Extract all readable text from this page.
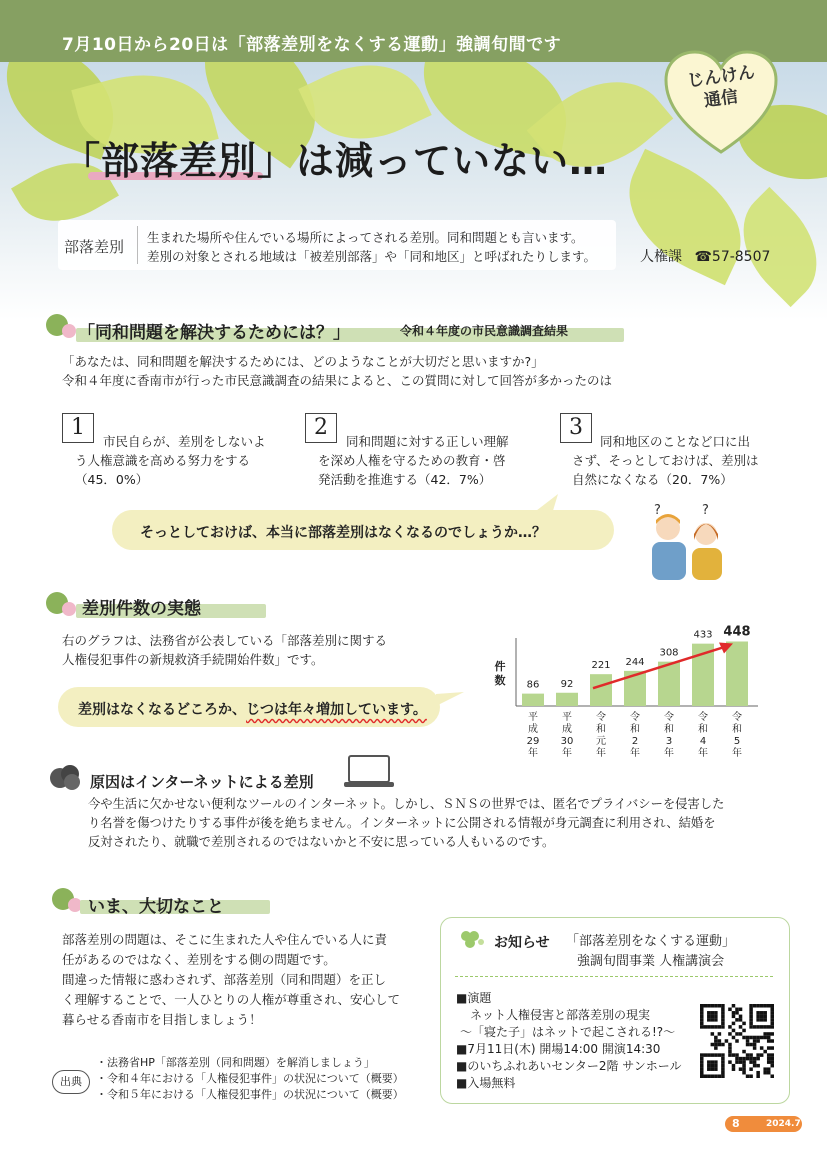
7月10日から20日は「部落差別をなくする運動」強調旬間です
じんけん
通信
「部落差別」は減っていない…
部落差別
生まれた場所や住んでいる場所によってされる差別。同和問題とも言います。
差別の対象とされる地域は「被差別部落」や「同和地区」と呼ばれたりします。	人権課 ☎57-8507
「同和問題を解決するためには？」	令和４年度の市民意識調査結果
「あなたは、同和問題を解決するためには、どのようなことが大切だと思いますか?」
令和４年度に香南市が行った市民意識調査の結果によると、この質問に対して回答が多かったのは
1
市民自らが、差別をしないよ
う人権意識を高める努力をする
（45．0%）
2
同和問題に対する正しい理解
を深め人権を守るための教育・啓
発活動を推進する（42．7%）
3
同和地区のことなど口に出
さず、そっとしておけば、差別は
自然になくなる（20．7%）
そっとしておけば、本当に部落差別はなくなるのでしょうか…？
?	?
差別件数の実態
右のグラフは、法務省が公表している「部落差別に関する
人権侵犯事件の新規救済手続開始件数」です。
差別はなくなるどころか、じつは年々増加しています。
件数 86
平
成
29
年
92
平
成
30
年
221
令
和
元
年
244
令
和
2
年
308
令
和
3
年
433
令
和
4
年
448
令
和
5
年
原因はインターネットによる差別
今や生活に欠かせない便利なツールのインターネット。しかし、ＳＮＳの世界では、匿名でプライバシーを侵害した
り名誉を傷つけたりする事件が後を絶ちません。インターネットに公開される情報が身元調査に利用され、結婚を
反対されたり、就職で差別されるのではないかと不安に思っている人もいるのです。
いま、大切なこと
部落差別の問題は、そこに生まれた人や住んでいる人に責
任があるのではなく、差別をする側の問題です。
間違った情報に惑わされず、部落差別（同和問題）を正し
く理解することで、一人ひとりの人権が尊重され、安心して
暮らせる香南市を目指しましょう！
出典
・法務省HP「部落差別（同和問題）を解消しましょう」
・令和４年における「人権侵犯事件」の状況について（概要）
・令和５年における「人権侵犯事件」の状況について（概要）
お知らせ 「部落差別をなくする運動」
強調旬間事業 人権講演会
■演題
ネット人権侵害と部落差別の現実
〜「寝た子」はネットで起こされる!?〜
■7月11日(木) 開場14:00 開演14:30
■のいちふれあいセンター2階 サンホール
■入場無料
8	2024.7
